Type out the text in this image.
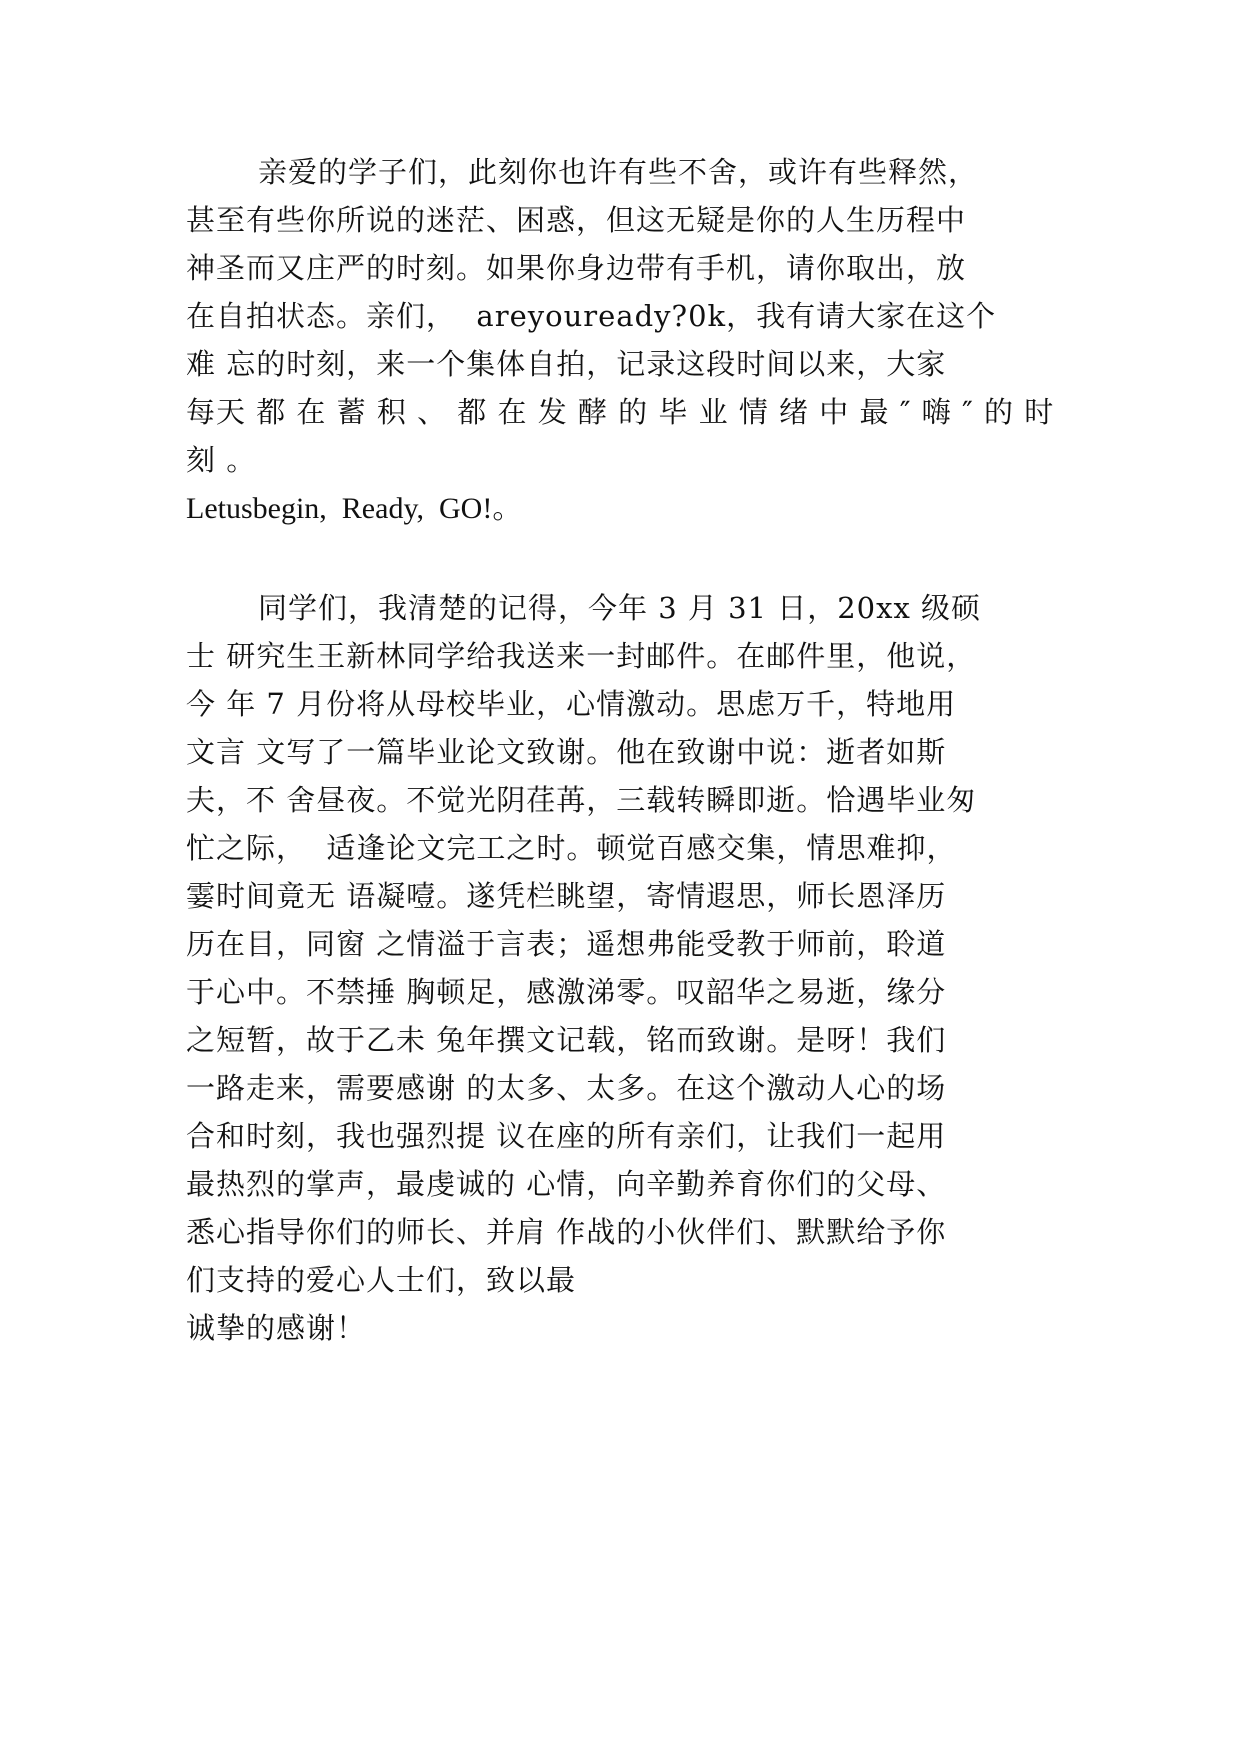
亲爱的学子们，此刻你也许有些不舍，或许有些释然，
甚至有些你所说的迷茫、困惑，但这无疑是你的人生历程中
神圣而又庄严的时刻。如果你身边带有手机，请你取出，放
在自拍状态。亲们，  areyouready?0k，我有请大家在这个
难 忘的时刻，来一个集体自拍，记录这段时间以来，大家
每天 都 在 蓄 积 、 都 在 发 酵 的 毕 业 情 绪 中 最 ″ 嗨 ″ 的 时
刻 。
Letusbegin,  Ready,  GO!。
同学们，我清楚的记得，今年 3 月 31 日，20xx 级硕
士 研究生王新林同学给我送来一封邮件。在邮件里，他说，
今 年 7 月份将从母校毕业，心情激动。思虑万千，特地用
文言 文写了一篇毕业论文致谢。他在致谢中说：逝者如斯
夫，不 舍昼夜。不觉光阴荏苒，三载转瞬即逝。恰遇毕业匆
忙之际，  适逢论文完工之时。顿觉百感交集，情思难抑，
霎时间竟无 语凝噎。遂凭栏眺望，寄情遐思，师长恩泽历
历在目，同窗 之情溢于言表；遥想弗能受教于师前，聆道
于心中。不禁捶 胸顿足，感激涕零。叹韶华之易逝，缘分
之短暂，故于乙未 兔年撰文记载，铭而致谢。是呀！我们
一路走来，需要感谢 的太多、太多。在这个激动人心的场
合和时刻，我也强烈提 议在座的所有亲们，让我们一起用
最热烈的掌声，最虔诚的 心情，向辛勤养育你们的父母、
悉心指导你们的师长、并肩 作战的小伙伴们、默默给予你
们支持的爱心人士们，致以最
诚挚的感谢！
